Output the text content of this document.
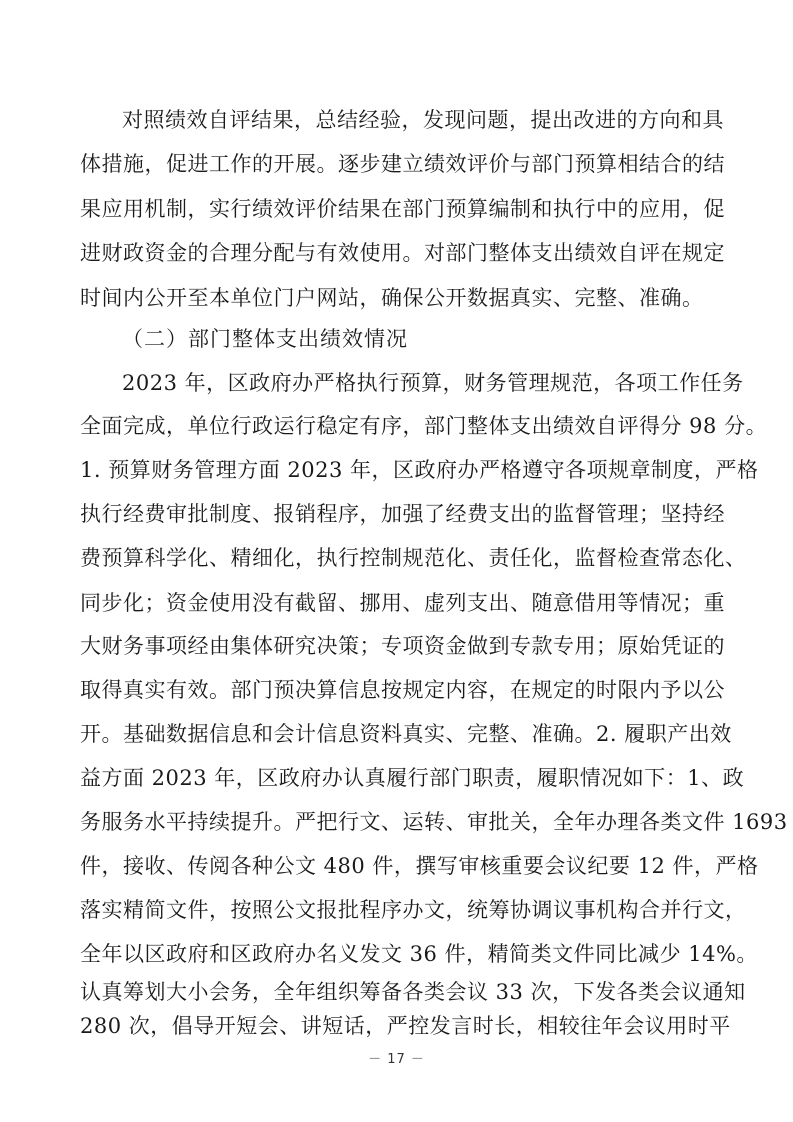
对照绩效自评结果，总结经验，发现问题，提出改进的方向和具
体措施，促进工作的开展。逐步建立绩效评价与部门预算相结合的结
果应用机制，实行绩效评价结果在部门预算编制和执行中的应用，促
进财政资金的合理分配与有效使用。对部门整体支出绩效自评在规定
时间内公开至本单位门户网站，确保公开数据真实、完整、准确。
（二）部门整体支出绩效情况
2023 年，区政府办严格执行预算，财务管理规范，各项工作任务
全面完成，单位行政运行稳定有序，部门整体支出绩效自评得分 98 分。
1. 预算财务管理方面 2023 年，区政府办严格遵守各项规章制度，严格
执行经费审批制度、报销程序，加强了经费支出的监督管理；坚持经
费预算科学化、精细化，执行控制规范化、责任化，监督检查常态化、
同步化；资金使用没有截留、挪用、虚列支出、随意借用等情况；重
大财务事项经由集体研究决策；专项资金做到专款专用；原始凭证的
取得真实有效。部门预决算信息按规定内容，在规定的时限内予以公
开。基础数据信息和会计信息资料真实、完整、准确。2. 履职产出效
益方面 2023 年，区政府办认真履行部门职责，履职情况如下：1、政
务服务水平持续提升。严把行文、运转、审批关，全年办理各类文件 1693
件，接收、传阅各种公文 480 件，撰写审核重要会议纪要 12 件，严格
落实精简文件，按照公文报批程序办文，统筹协调议事机构合并行文，
全年以区政府和区政府办名义发文 36 件，精简类文件同比减少 14%。
认真筹划大小会务，全年组织筹备各类会议 33 次，下发各类会议通知
280 次，倡导开短会、讲短话，严控发言时长，相较往年会议用时平
－ 17 －
